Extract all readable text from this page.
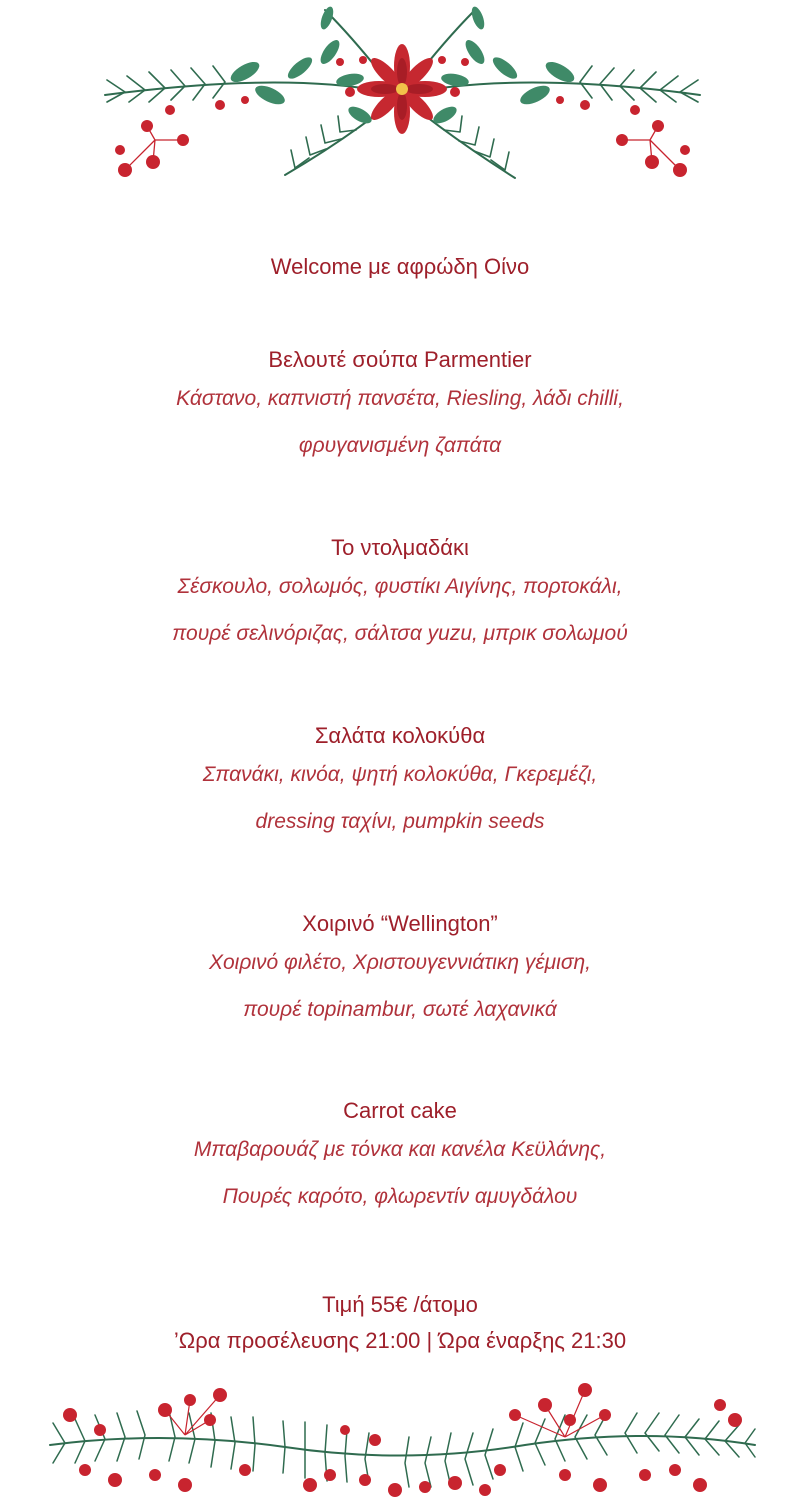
Welcome με αφρώδη Οίνο

Βελουτέ σούπα Parmentier

Κάστανο, καπνιστή πανσέτα, Riesling, λάδι chilli,
φρυγανισμένη ζαπάτα

Το ντολμαδάκι

Σέσκουλο, σολωμός, φυστίκι Αιγίνης, πορτοκάλι,
πουρέ σελινόριζας, σάλτσα yuzu, μπρικ σολωμού

Σαλάτα κολοκύθα

Σπανάκι, κινόα, ψητή κολοκύθα, Γκερεμέζι,
dressing ταχίνι, pumpkin seeds

Χοιρινό “Wellington”

Χοιρινό φιλέτο, Χριστουγεννιάτικη γέμιση,
πουρέ topinambur, σωτέ λαχανικά

Carrot cake

Μπαβαρουάζ με τόνκα και κανέλα Κεϋλάνης,
Πουρές καρότο, φλωρεντίν αμυγδάλου

Τιμή 55€ /άτομο
’Ωρα προσέλευσης 21:00 | Ώρα έναρξης 21:30
